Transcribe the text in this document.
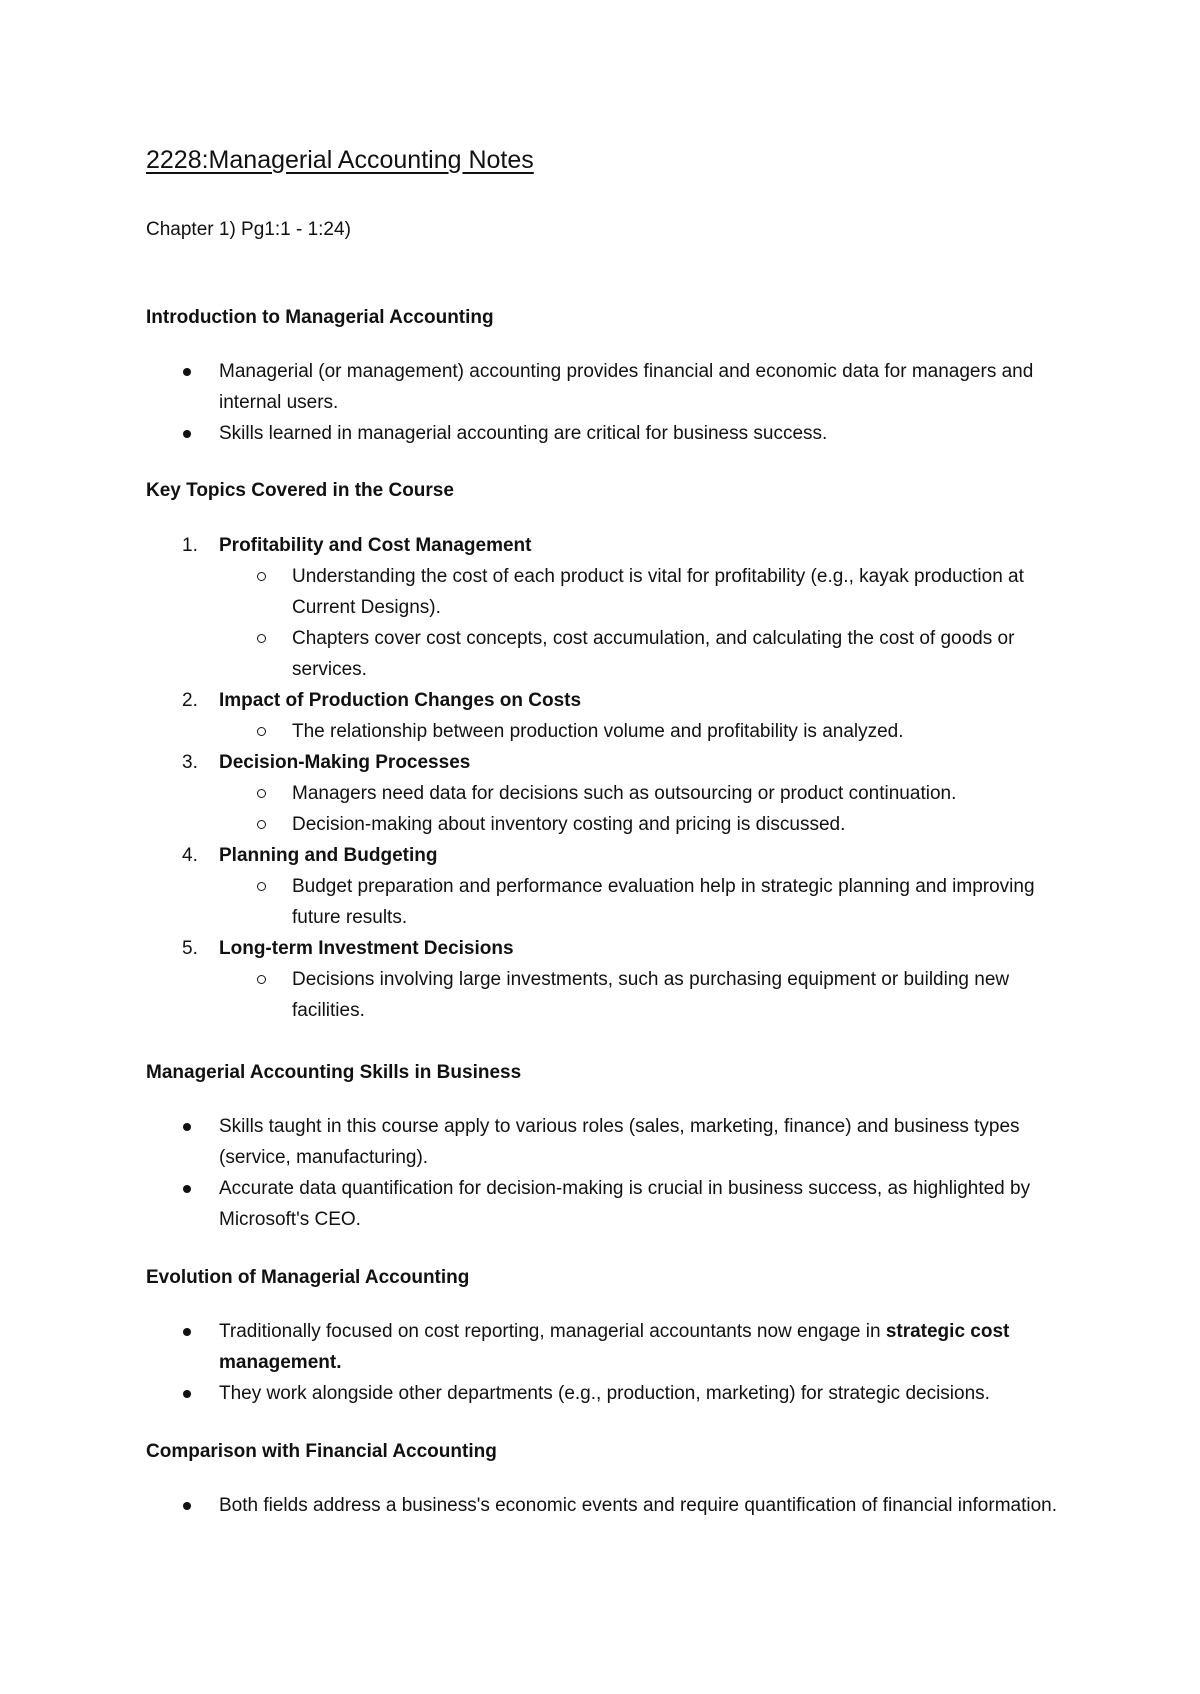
2228:Managerial Accounting Notes

Chapter 1) Pg1:1 - 1:24)

Introduction to Managerial Accounting
Managerial (or management) accounting provides financial and economic data for managers and internal users.
Skills learned in managerial accounting are critical for business success.
Key Topics Covered in the Course
1.	Profitability and Cost Management
Understanding the cost of each product is vital for profitability (e.g., kayak production at Current Designs).
Chapters cover cost concepts, cost accumulation, and calculating the cost of goods or services.
2.	Impact of Production Changes on Costs
The relationship between production volume and profitability is analyzed.
3.	Decision-Making Processes
Managers need data for decisions such as outsourcing or product continuation.
Decision-making about inventory costing and pricing is discussed.
4.	Planning and Budgeting
Budget preparation and performance evaluation help in strategic planning and improving future results.
5.	Long-term Investment Decisions
Decisions involving large investments, such as purchasing equipment or building new facilities.
Managerial Accounting Skills in Business
Skills taught in this course apply to various roles (sales, marketing, finance) and business types (service, manufacturing).
Accurate data quantification for decision-making is crucial in business success, as highlighted by Microsoft's CEO.
Evolution of Managerial Accounting
Traditionally focused on cost reporting, managerial accountants now engage in strategic cost management.
They work alongside other departments (e.g., production, marketing) for strategic decisions.
Comparison with Financial Accounting
Both fields address a business's economic events and require quantification of financial information.
